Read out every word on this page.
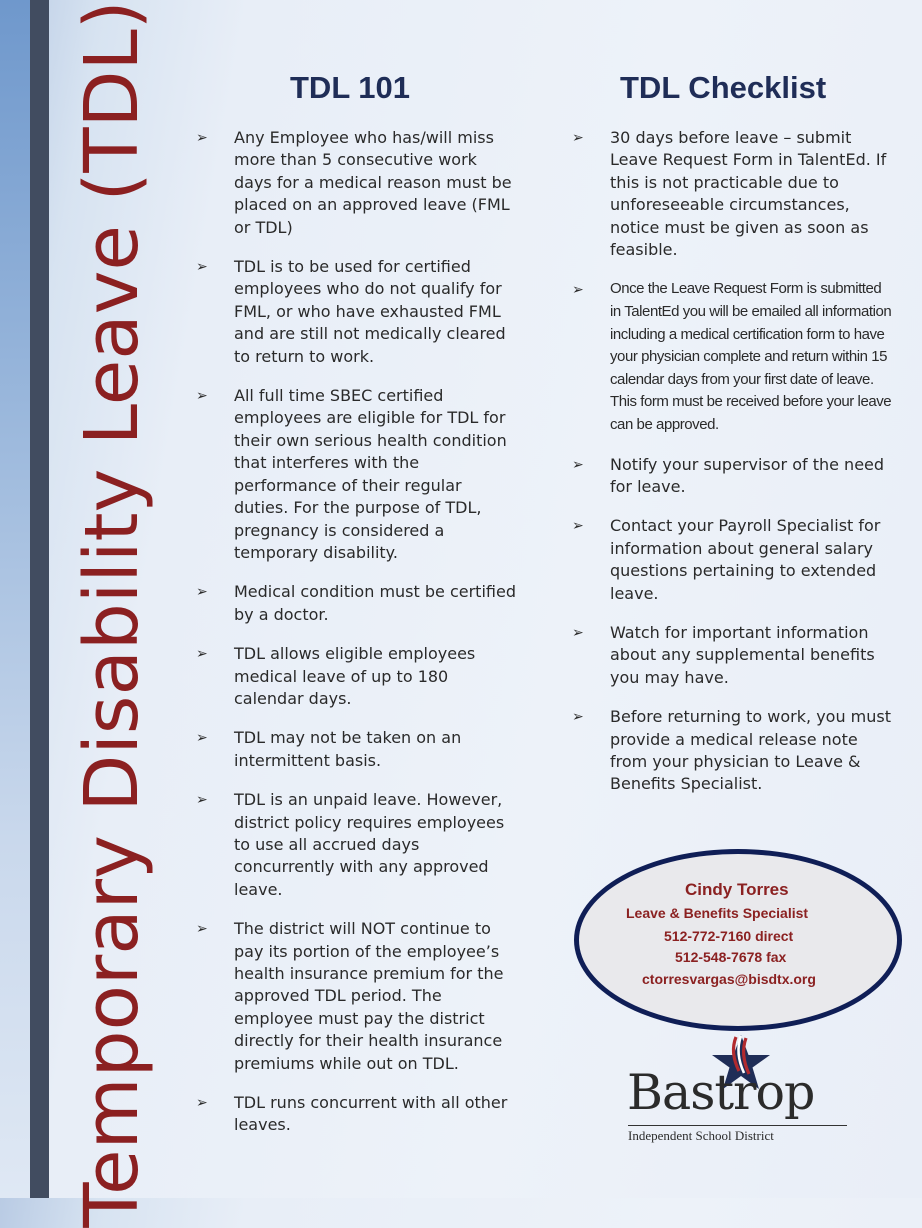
Temporary Disability Leave (TDL)	TDL 101	TDL Checklist
➢ Any Employee who has/will miss more than 5 consecutive work days for a medical reason must be placed on an approved leave (FML or TDL)
➢ TDL is to be used for certified employees who do not qualify for FML, or who have exhausted FML and are still not medically cleared to return to work.
➢ All full time SBEC certified employees are eligible for TDL for their own serious health condition that interferes with the performance of their regular duties. For the purpose of TDL, pregnancy is considered a temporary disability.
➢ Medical condition must be certified by a doctor.
➢ TDL allows eligible employees medical leave of up to 180 calendar days.
➢ TDL may not be taken on an intermittent basis.
➢ TDL is an unpaid leave. However, district policy requires employees to use all accrued days concurrently with any approved leave.
➢ The district will NOT continue to pay its portion of the employee’s health insurance premium for the approved TDL period. The employee must pay the district directly for their health insurance premiums while out on TDL.
➢ TDL runs concurrent with all other leaves.
➢ 30 days before leave – submit Leave Request Form in TalentEd. If this is not practicable due to unforeseeable circumstances, notice must be given as soon as feasible.
➢ Once the Leave Request Form is submitted in TalentEd you will be emailed all information including a medical certification form to have your physician complete and return within 15 calendar days from your first date of leave. This form must be received before your leave can be approved.
➢ Notify your supervisor of the need for leave.
➢ Contact your Payroll Specialist for information about general salary questions pertaining to extended leave.
➢ Watch for important information about any supplemental benefits you may have.
➢ Before returning to work, you must provide a medical release note from your physician to Leave & Benefits Specialist.
Cindy Torres
Leave & Benefits Specialist
512-772-7160 direct
512-548-7678 fax
ctorresvargas@bisdtx.org
Bastrop
Independent School District
